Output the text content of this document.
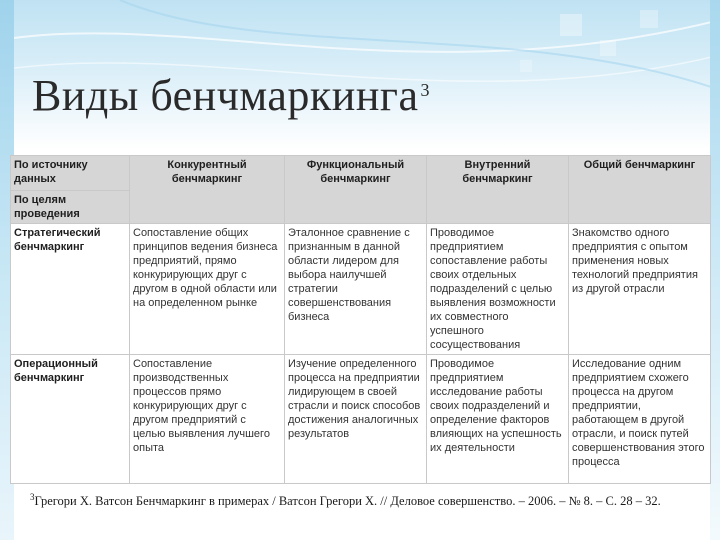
Виды бенчмаркинга $^3$
По источнику данных	Конкурентный бенчмаркинг	Функциональный бенчмаркинг	Внутренний бенчмаркинг	Общий бенчмаркинг
По целям проведения				
Стратегический бенчмаркинг	Сопоставление общих принципов ведения бизнеса предприятий, прямо конкурирующих друг с другом в одной области или на определенном рынке	Эталонное сравнение с признанным в данной области лидером для выбора наилучшей стратегии совершенствования бизнеса	Проводимое предприятием сопоставление работы своих отдельных подразделений с целью выявления возможности их совместного успешного сосуществования	Знакомство одного предприятия с опытом применения новых технологий предприятия из другой отрасли
Операционный бенчмаркинг	Сопоставление производственных процессов прямо конкурирующих друг с другом предприятий с целью выявления лучшего опыта	Изучение определенного процесса на предприятии лидирующем в своей страсли и поиск способов достижения аналогичных результатов	Проводимое предприятием исследование работы своих подразделений и определение факторов влияющих на успешность их деятельности	Исследование одним предприятием схожего процесса на другом предприятии, работающем в другой отрасли, и поиск путей совершенствования этого процесса
$^3$Грегори Х. Ватсон Бенчмаркинг в примерах / Ватсон Грегори Х. // Деловое совершенство. – 2006. – № 8. – С. 28 – 32.
